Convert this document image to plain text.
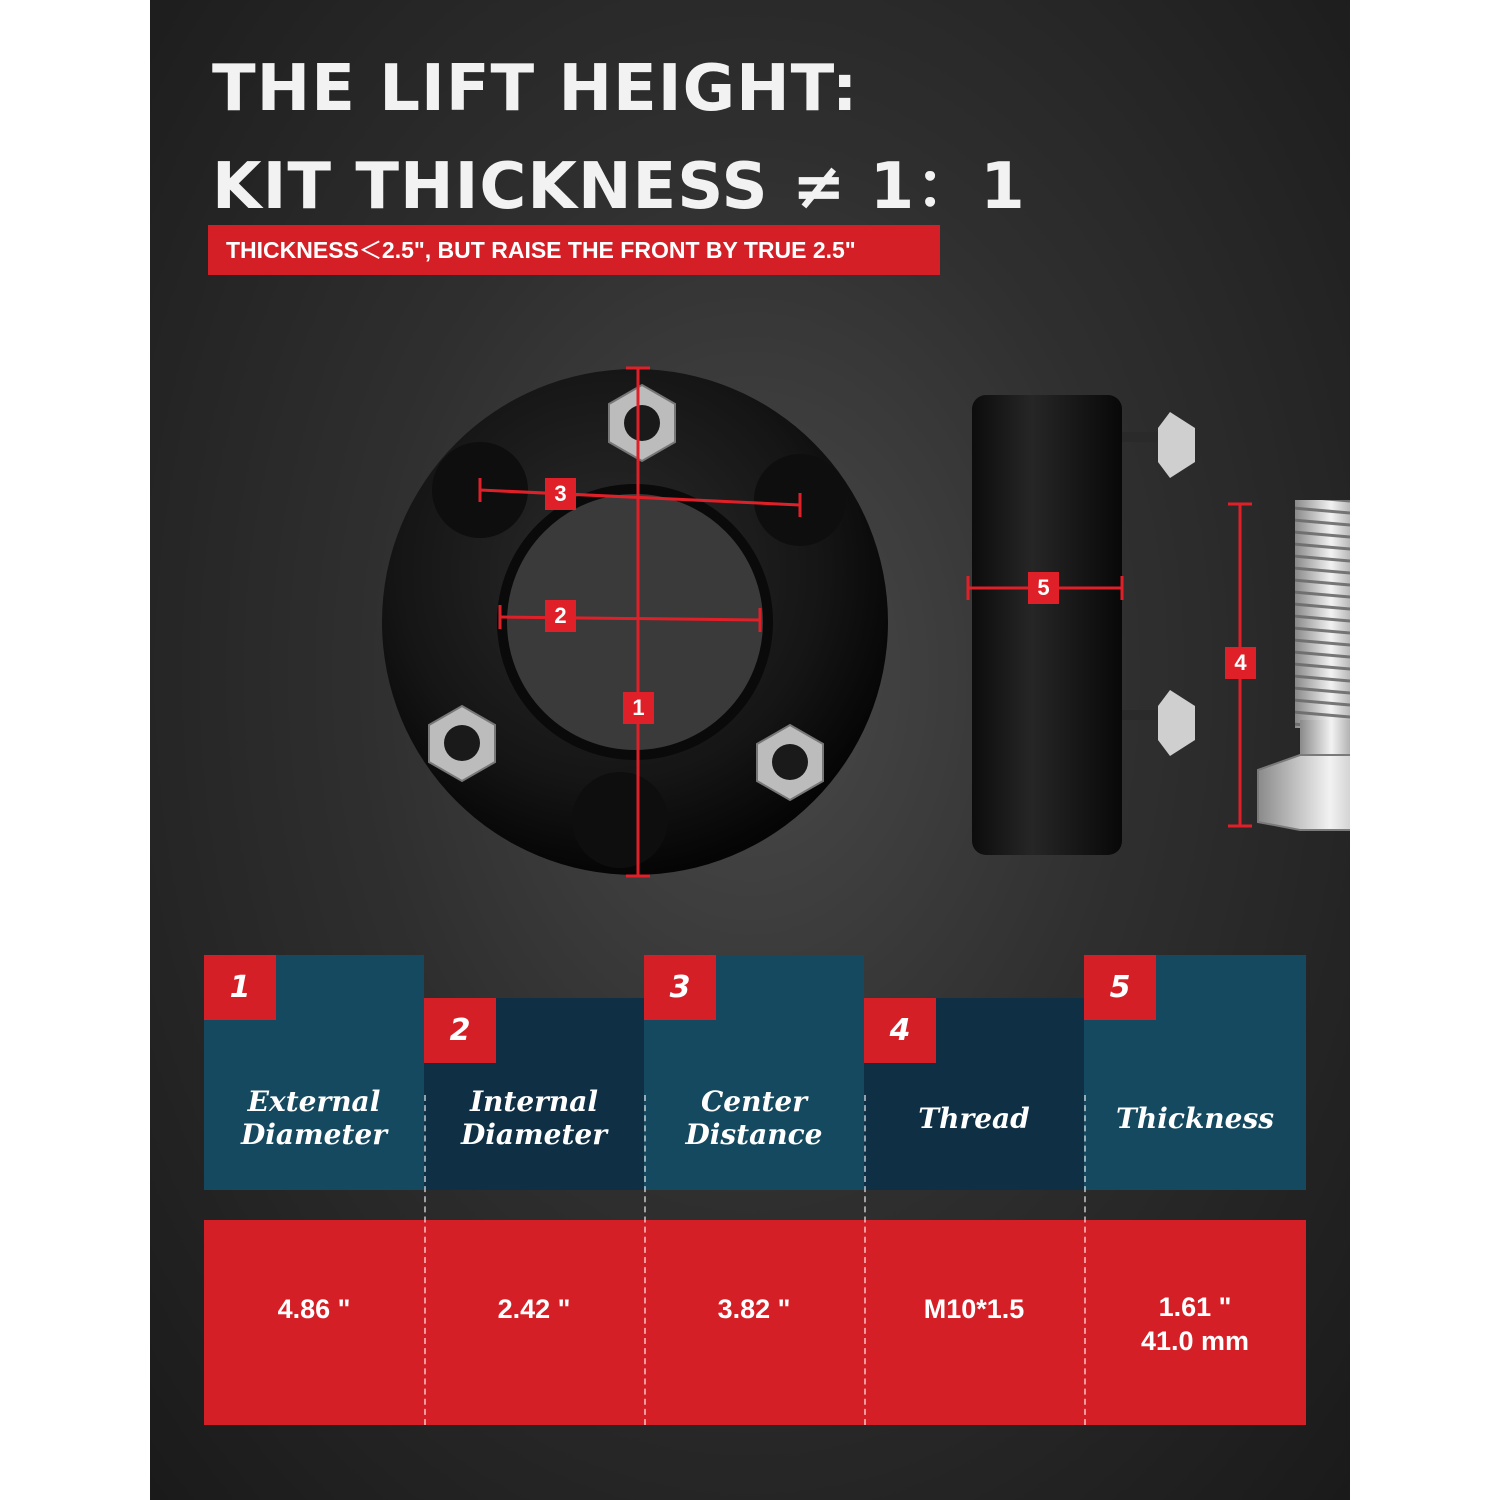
1
2
3
4
5
THE LIFT HEIGHT:
KIT THICKNESS ≠ 1：1
THICKNESS＜2.5", BUT RAISE THE FRONT BY TRUE 2.5"
1
External Diameter
4.86 "
2
Internal Diameter
2.42 "
3
Center Distance
3.82 "
4
Thread
M10*1.5
5
Thickness
1.61 "
41.0 mm
